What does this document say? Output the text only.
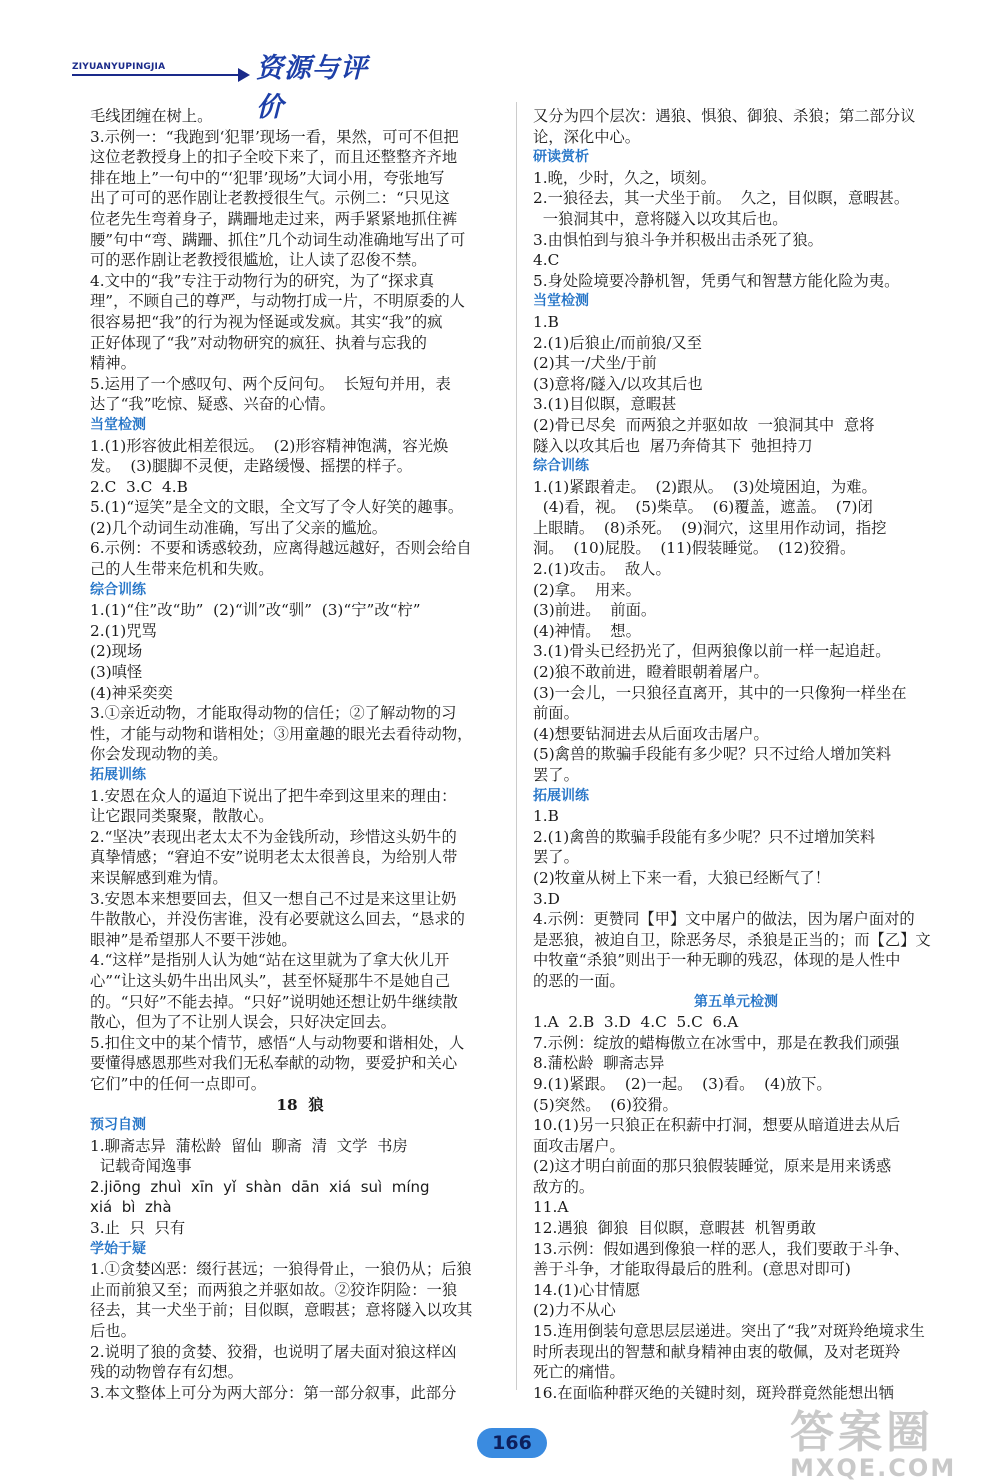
ZIYUANYUPINGJIA	资源与评价

毛线团缠在树上。

3.示例一：“我跑到‘犯罪’现场一看，果然，可可不但把

这位老教授身上的扣子全咬下来了，而且还整整齐齐地

排在地上”一句中的“‘犯罪’现场”大词小用，夸张地写

出了可可的恶作剧让老教授很生气。示例二：“只见这

位老先生弯着身子，蹒跚地走过来，两手紧紧地抓住裤

腰”句中“弯、蹒跚、抓住”几个动词生动准确地写出了可

可的恶作剧让老教授很尴尬，让人读了忍俊不禁。

4.文中的“我”专注于动物行为的研究，为了“探求真

理”，不顾自己的尊严，与动物打成一片，不明原委的人

很容易把“我”的行为视为怪诞或发疯。其实“我”的疯

正好体现了“我”对动物研究的疯狂、执着与忘我的

精神。

5.运用了一个感叹句、两个反问句。  长短句并用，表

达了“我”吃惊、疑惑、兴奋的心情。

当堂检测

1.(1)形容彼此相差很远。  (2)形容精神饱满，容光焕

发。  (3)腿脚不灵便，走路缓慢、摇摆的样子。

2.C  3.C  4.B

5.(1)“逗笑”是全文的文眼，全文写了令人好笑的趣事。

(2)几个动词生动准确，写出了父亲的尴尬。

6.示例：不要和诱惑较劲，应离得越远越好，否则会给自

己的人生带来危机和失败。

综合训练

1.(1)“住”改“助”  (2)“训”改“驯”  (3)“宁”改“柠”

2.(1)咒骂

(2)现场

(3)嗔怪

(4)神采奕奕

3.①亲近动物，才能取得动物的信任；②了解动物的习

性，才能与动物和谐相处；③用童趣的眼光去看待动物，

你会发现动物的美。

拓展训练

1.安恩在众人的逼迫下说出了把牛牵到这里来的理由：

让它跟同类聚聚，散散心。

2.“坚决”表现出老太太不为金钱所动，珍惜这头奶牛的

真挚情感；“窘迫不安”说明老太太很善良，为给别人带

来误解感到难为情。

3.安恩本来想要回去，但又一想自己不过是来这里让奶

牛散散心，并没伤害谁，没有必要就这么回去，“恳求的

眼神”是希望那人不要干涉她。

4.“这样”是指别人认为她“站在这里就为了拿大伙儿开

心”“让这头奶牛出出风头”，甚至怀疑那牛不是她自己

的。“只好”不能去掉。“只好”说明她还想让奶牛继续散

散心，但为了不让别人误会，只好决定回去。

5.扣住文中的某个情节，感悟“人与动物要和谐相处，人

要懂得感恩那些对我们无私奉献的动物，要爱护和关心

它们”中的任何一点即可。

18  狼

预习自测

1.聊斋志异  蒲松龄  留仙  聊斋  清  文学  书房

记载奇闻逸事

2.jiōng  zhuì  xīn  yǐ  shàn  dān  xiá  suì  míng

xiá  bì  zhà

3.止  只  只有

学始于疑

1.①贪婪凶恶：缀行甚远；一狼得骨止，一狼仍从；后狼

止而前狼又至；而两狼之并驱如故。②狡诈阴险：一狼

径去，其一犬坐于前；目似瞑，意暇甚；意将隧入以攻其

后也。

2.说明了狼的贪婪、狡猾，也说明了屠夫面对狼这样凶

残的动物曾存有幻想。

3.本文整体上可分为两大部分：第一部分叙事，此部分

又分为四个层次：遇狼、惧狼、御狼、杀狼；第二部分议

论，深化中心。

研读赏析

1.晚，少时，久之，顷刻。

2.一狼径去，其一犬坐于前。  久之，目似瞑，意暇甚。

一狼洞其中，意将隧入以攻其后也。

3.由惧怕到与狼斗争并积极出击杀死了狼。

4.C

5.身处险境要冷静机智，凭勇气和智慧方能化险为夷。

当堂检测

1.B

2.(1)后狼止/而前狼/又至

(2)其一/犬坐/于前

(3)意将/隧入/以攻其后也

3.(1)目似瞑，意暇甚

(2)骨已尽矣  而两狼之并驱如故  一狼洞其中  意将

隧入以攻其后也  屠乃奔倚其下  弛担持刀

综合训练

1.(1)紧跟着走。  (2)跟从。  (3)处境困迫，为难。

(4)看，视。  (5)柴草。  (6)覆盖，遮盖。  (7)闭

上眼睛。  (8)杀死。  (9)洞穴，这里用作动词，指挖

洞。  (10)屁股。  (11)假装睡觉。  (12)狡猾。

2.(1)攻击。  敌人。

(2)拿。  用来。

(3)前进。  前面。

(4)神情。  想。

3.(1)骨头已经扔光了，但两狼像以前一样一起追赶。

(2)狼不敢前进，瞪着眼朝着屠户。

(3)一会儿，一只狼径直离开，其中的一只像狗一样坐在

前面。

(4)想要钻洞进去从后面攻击屠户。

(5)禽兽的欺骗手段能有多少呢？只不过给人增加笑料

罢了。

拓展训练

1.B

2.(1)禽兽的欺骗手段能有多少呢？只不过增加笑料

罢了。

(2)牧童从树上下来一看，大狼已经断气了！

3.D

4.示例：更赞同【甲】文中屠户的做法，因为屠户面对的

是恶狼，被迫自卫，除恶务尽，杀狼是正当的；而【乙】文

中牧童“杀狼”则出于一种无聊的残忍，体现的是人性中

的恶的一面。

第五单元检测

1.A  2.B  3.D  4.C  5.C  6.A

7.示例：绽放的蜡梅傲立在冰雪中，那是在教我们顽强

8.蒲松龄  聊斋志异

9.(1)紧跟。  (2)一起。  (3)看。  (4)放下。

(5)突然。  (6)狡猾。

10.(1)另一只狼正在积薪中打洞，想要从暗道进去从后

面攻击屠户。

(2)这才明白前面的那只狼假装睡觉，原来是用来诱惑

敌方的。

11.A

12.遇狼  御狼  目似瞑，意暇甚  机智勇敢

13.示例：假如遇到像狼一样的恶人，我们要敢于斗争、

善于斗争，才能取得最后的胜利。(意思对即可)

14.(1)心甘情愿

(2)力不从心

15.连用倒装句意思层层递进。突出了“我”对斑羚绝境求生

时所表现出的智慧和献身精神由衷的敬佩，及对老斑羚

死亡的痛惜。

16.在面临种群灭绝的关键时刻，斑羚群竟然能想出牺

166	答案圈
MXQE.COM
